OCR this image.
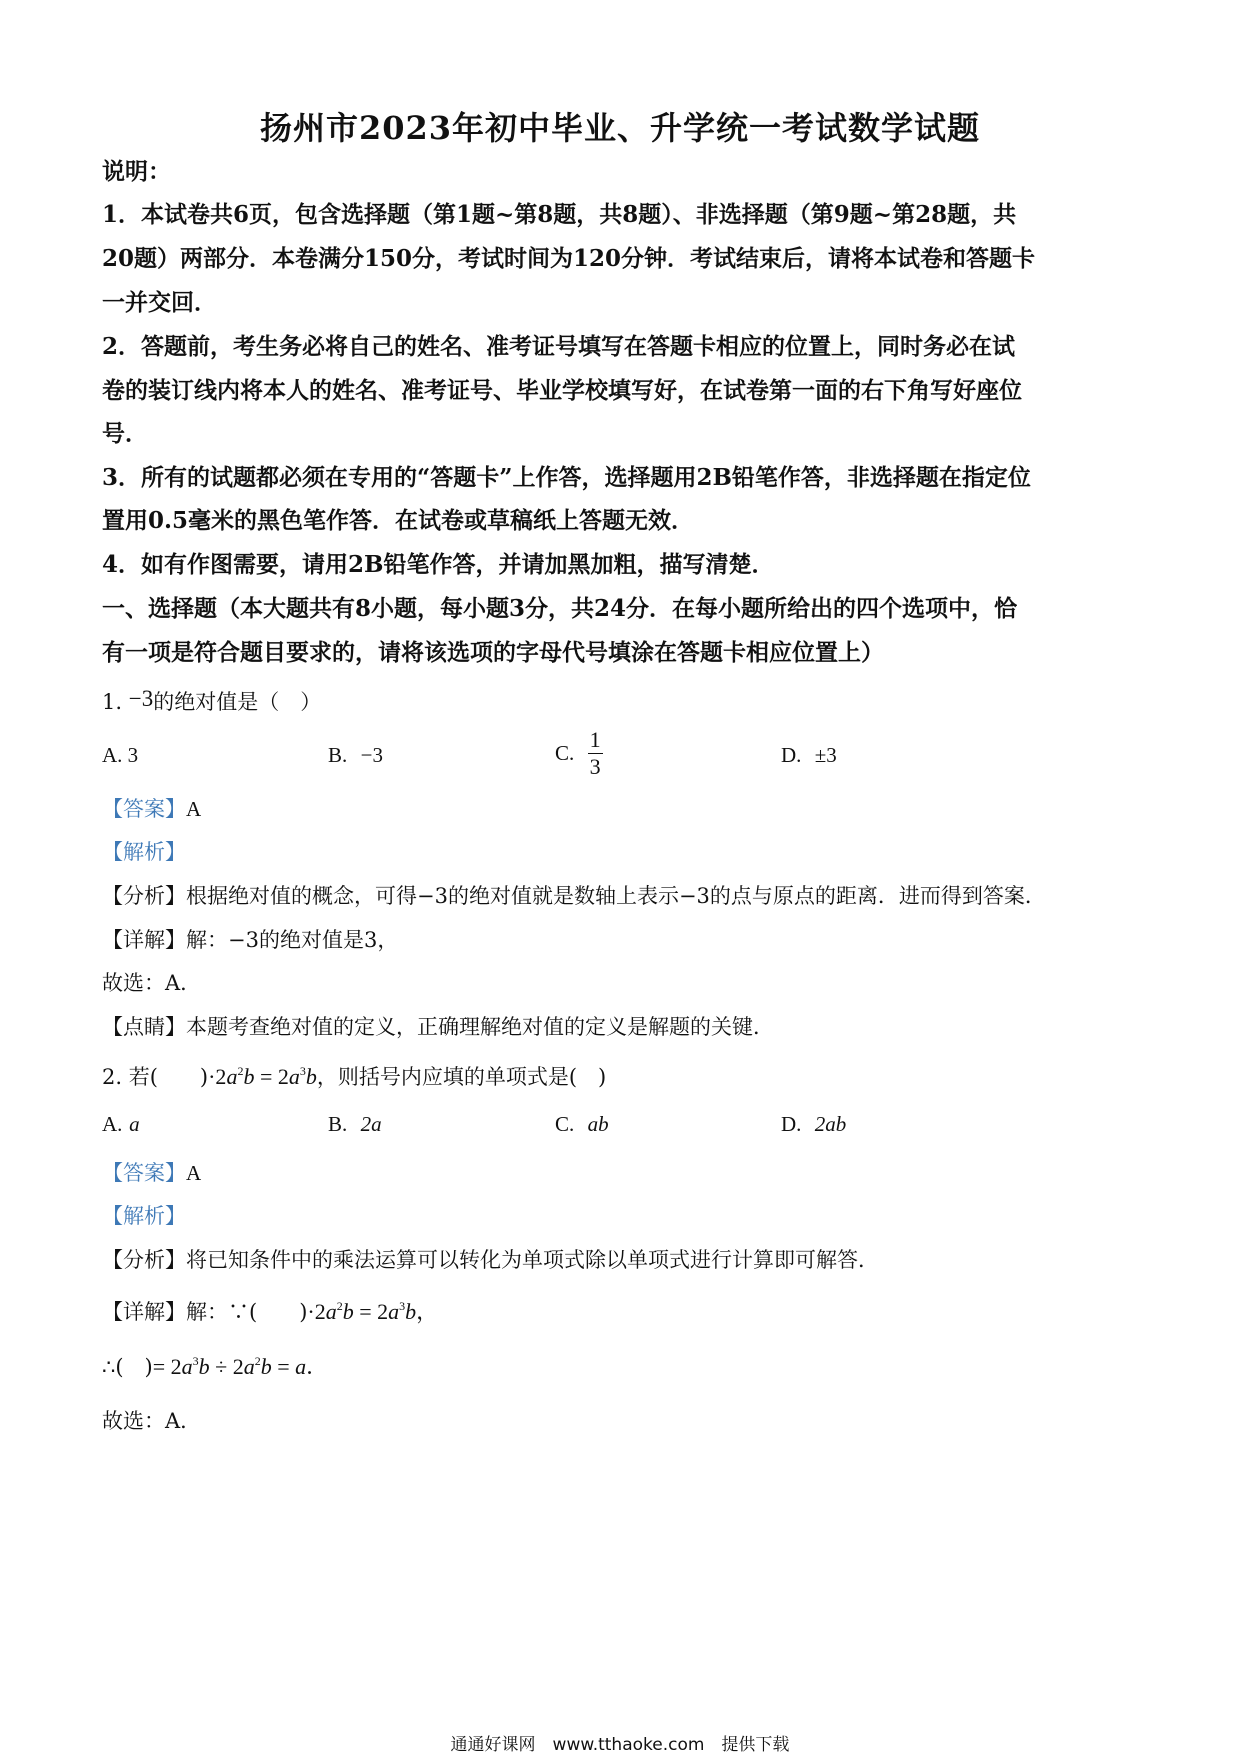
扬州市2023年初中毕业、升学统一考试数学试题
说明：
1．本试卷共6页，包含选择题（第1题~第8题，共8题）、非选择题（第9题~第28题，共
20题）两部分．本卷满分150分，考试时间为120分钟．考试结束后，请将本试卷和答题卡
一并交回．
2．答题前，考生务必将自己的姓名、准考证号填写在答题卡相应的位置上，同时务必在试
卷的装订线内将本人的姓名、准考证号、毕业学校填写好，在试卷第一面的右下角写好座位
号．
3．所有的试题都必须在专用的“答题卡”上作答，选择题用2B铅笔作答，非选择题在指定位
置用0.5毫米的黑色笔作答．在试卷或草稿纸上答题无效．
4．如有作图需要，请用2B铅笔作答，并请加黑加粗，描写清楚．
一、选择题（本大题共有8小题，每小题3分，共24分．在每小题所给出的四个选项中，恰
有一项是符合题目要求的，请将该选项的字母代号填涂在答题卡相应位置上）
1. −3的绝对值是（　）
A. 3	B. −3	C. $\frac{1}{3}$	D. ±3
【答案】A
【解析】
【分析】根据绝对值的概念，可得−3的绝对值就是数轴上表示−3的点与原点的距离．进而得到答案．
【详解】解：−3的绝对值是3，
故选：A．
【点睛】本题考查绝对值的定义，正确理解绝对值的定义是解题的关键．
2. 若(　　)$\cdot 2a^2b = 2a^3b$，则括号内应填的单项式是(　)
A. a	B. 2a	C. ab	D. 2ab
【答案】A
【解析】
【分析】将已知条件中的乘法运算可以转化为单项式除以单项式进行计算即可解答．
【详解】解：∵(　　)$\cdot 2a^2b = 2a^3b$，
∴(　)= $2a^3b \div 2a^2b = a$．
故选：A．
通通好课网　www.tthaoke.com　提供下载
